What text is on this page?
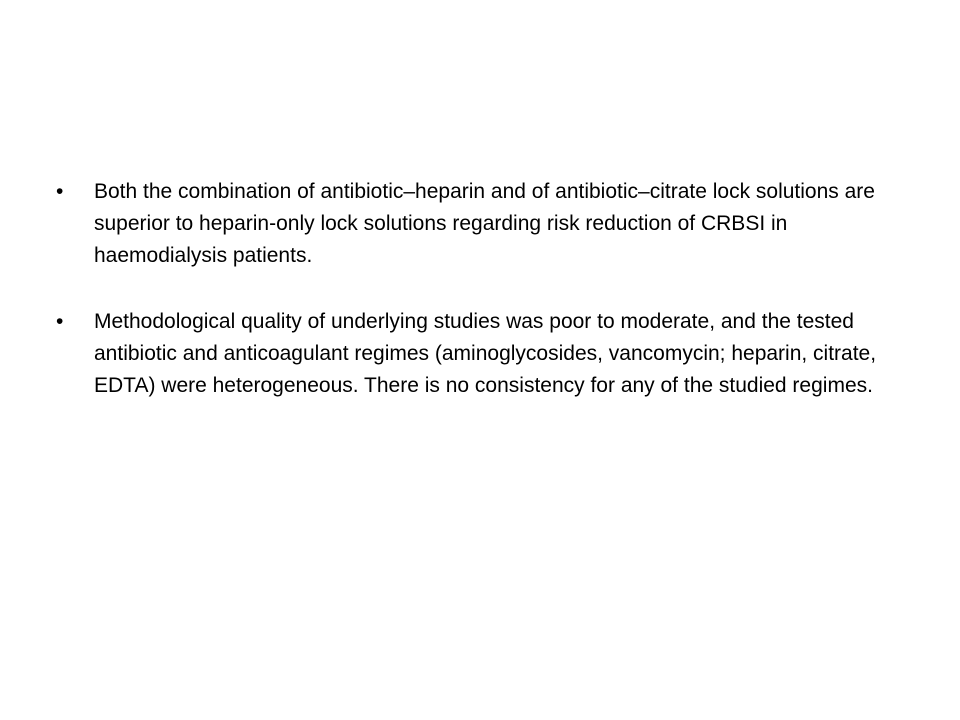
•	Both the combination of antibiotic–heparin and of antibiotic–citrate lock solutions are superior to heparin-only lock solutions regarding risk reduction of CRBSI in haemodialysis patients.
•	Methodological quality of underlying studies was poor to moderate, and the tested antibiotic and anticoagulant regimes (aminoglycosides, vancomycin; heparin, citrate, EDTA) were heterogeneous. There is no consistency for any of the studied regimes.
